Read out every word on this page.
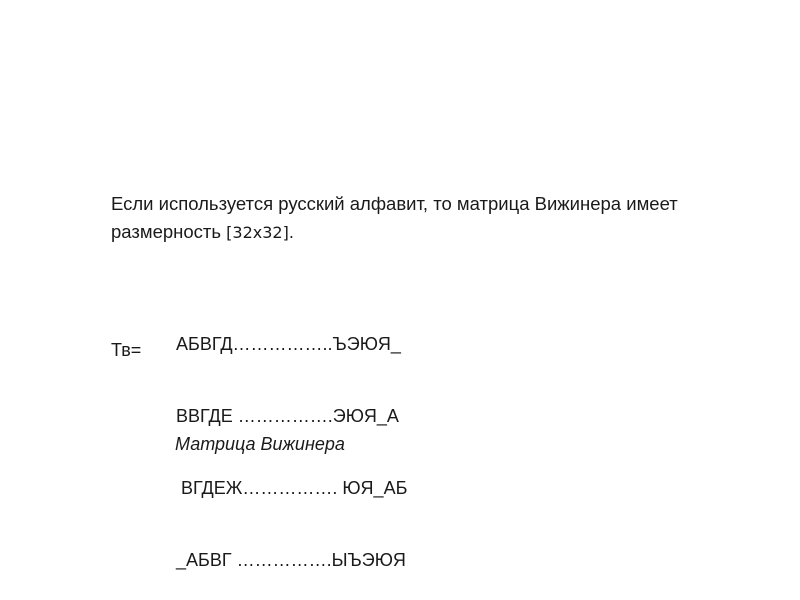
Если используется русский алфавит, то матрица Вижинера имеет размерность [32x32].

Тв=

АБВГД……………..ЪЭЮЯ_

ВВГДЕ …………….ЭЮЯ_А

ВГДЕЖ……………. ЮЯ_АБ

_АБВГ …………….ЫЪЭЮЯ

Матрица Вижинера
